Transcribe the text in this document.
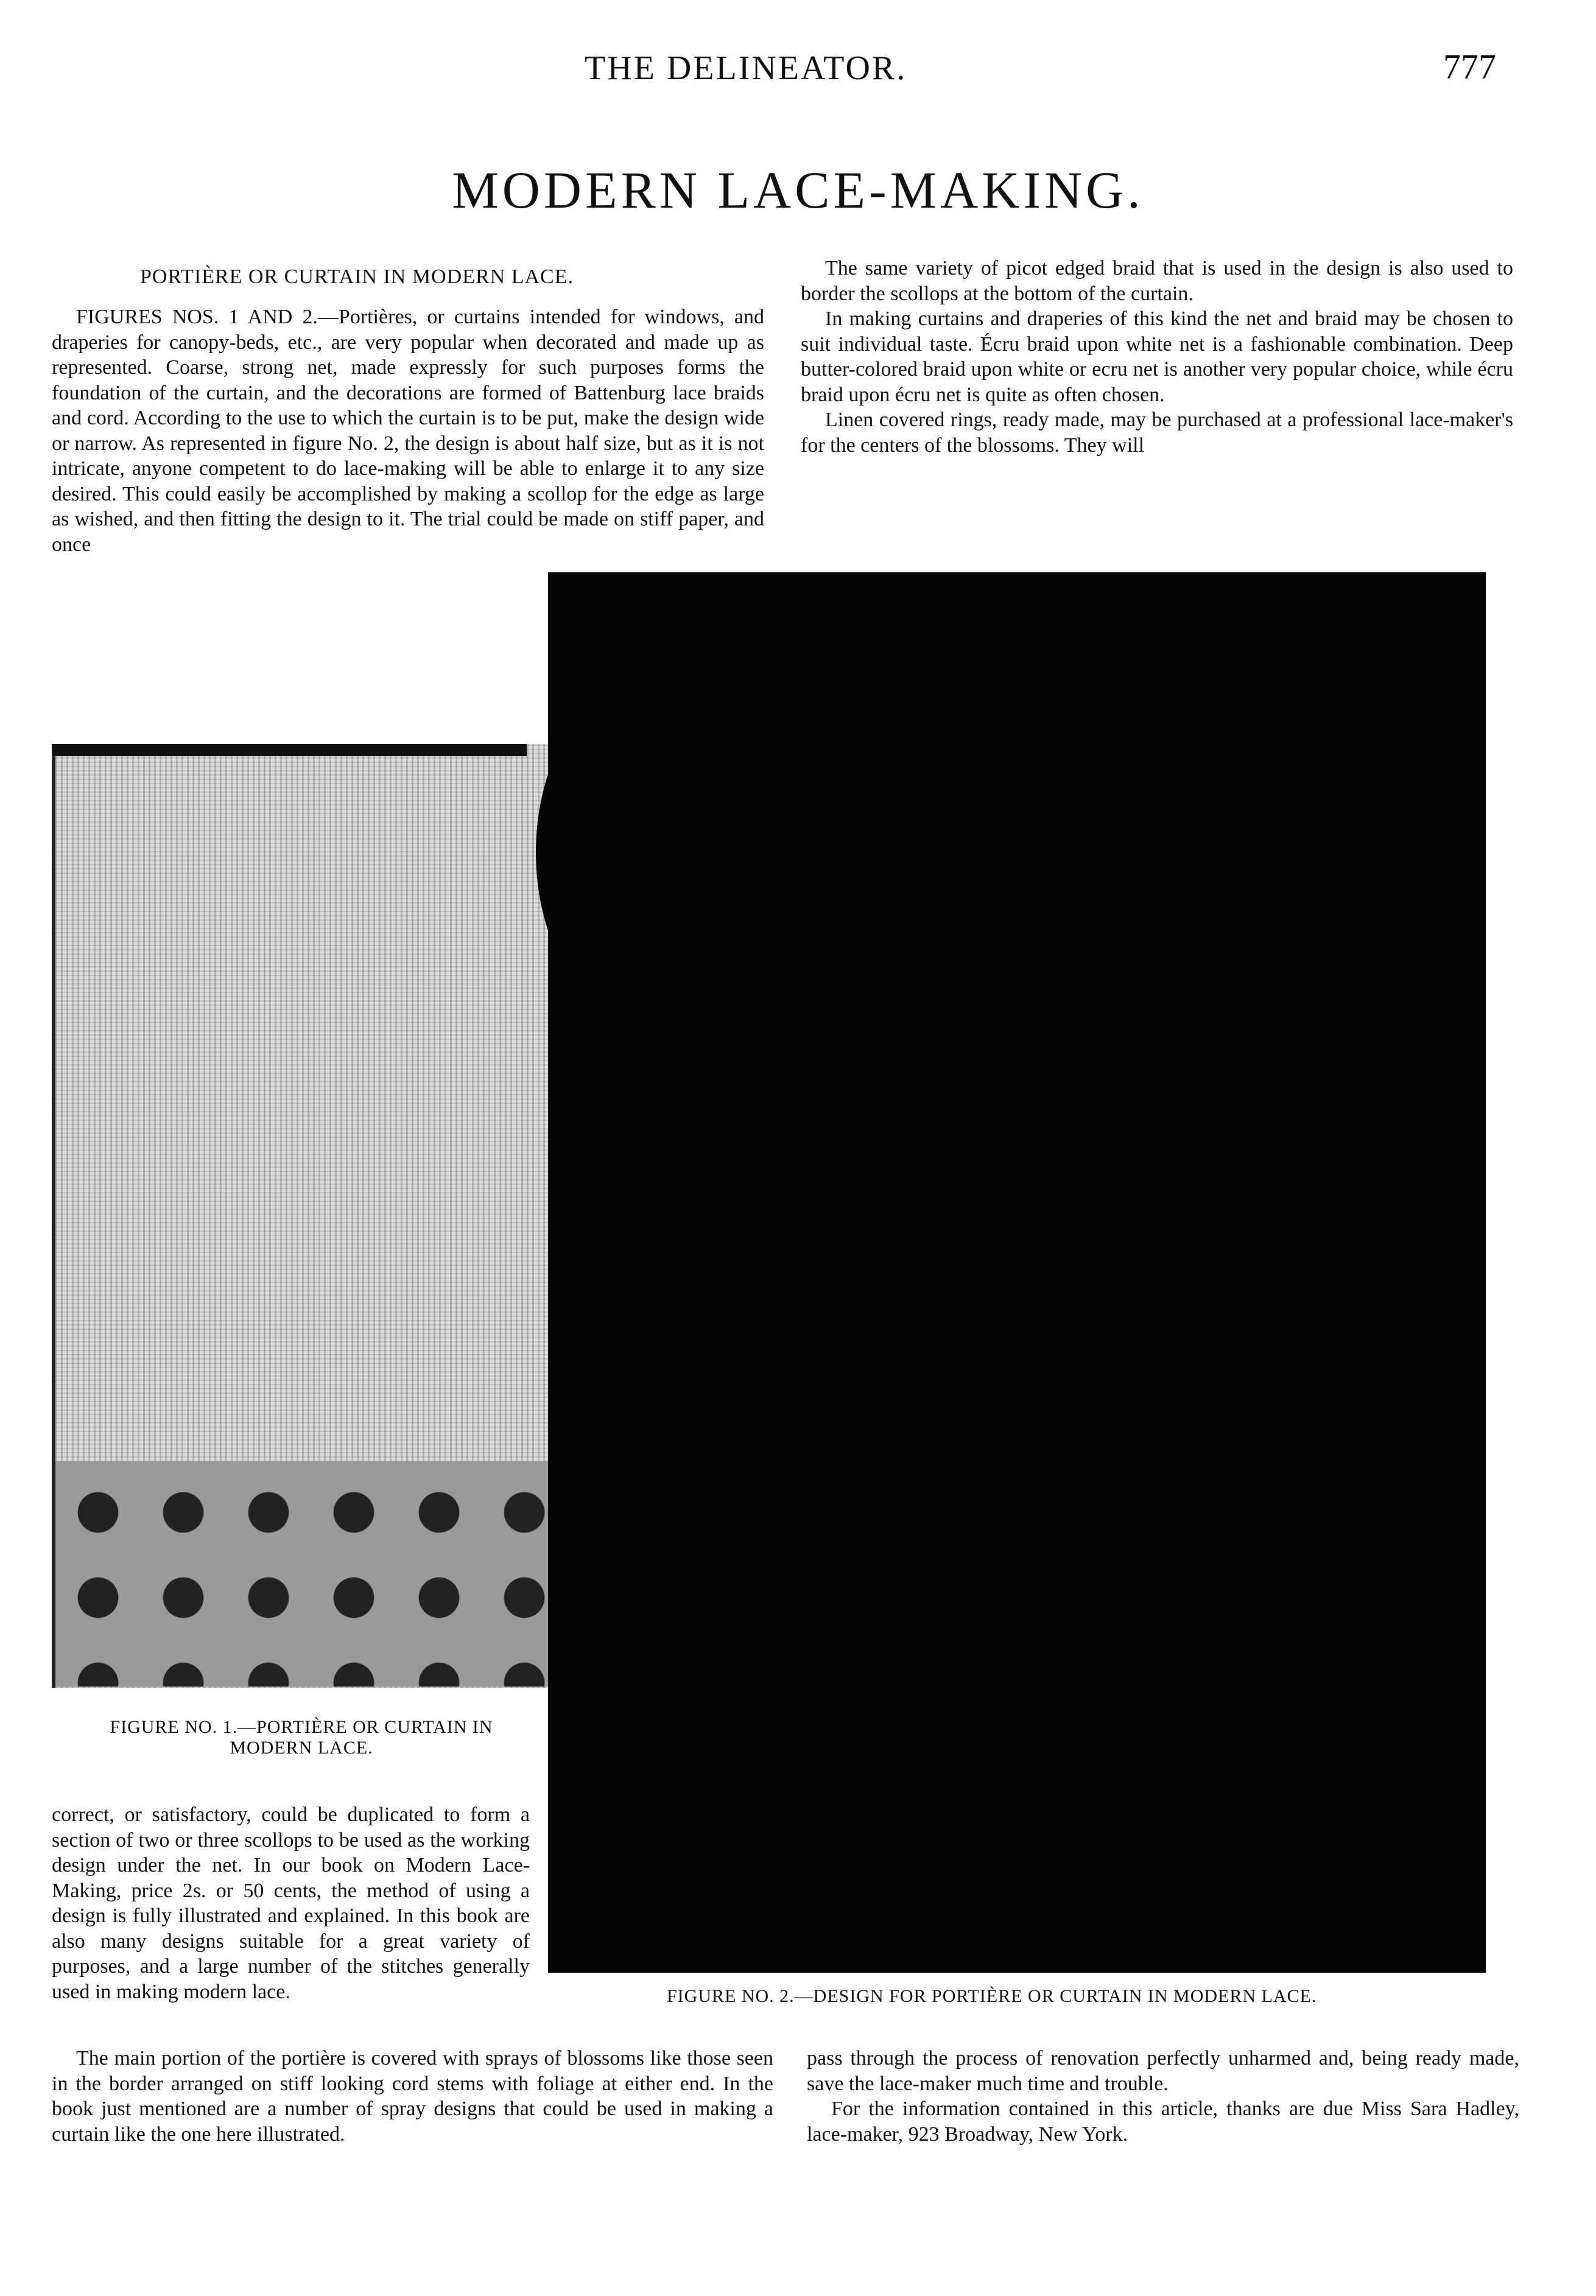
THE DELINEATOR.	777
MODERN LACE-MAKING.
PORTIÈRE OR CURTAIN IN MODERN LACE.

FIGURES NOS. 1 AND 2.—Portières, or curtains intended for windows, and draperies for canopy-beds, etc., are very popular when decorated and made up as represented. Coarse, strong net, made expressly for such purposes forms the foundation of the curtain, and the decorations are formed of Battenburg lace braids and cord. According to the use to which the curtain is to be put, make the design wide or narrow. As represented in figure No. 2, the design is about half size, but as it is not intricate, anyone competent to do lace-making will be able to enlarge it to any size desired. This could easily be accomplished by making a scollop for the edge as large as wished, and then fitting the design to it. The trial could be made on stiff paper, and once

The same variety of picot edged braid that is used in the design is also used to border the scollops at the bottom of the curtain.

In making curtains and draperies of this kind the net and braid may be chosen to suit individual taste. Écru braid upon white net is a fashionable combination. Deep butter-colored braid upon white or ecru net is another very popular choice, while écru braid upon écru net is quite as often chosen.

Linen covered rings, ready made, may be purchased at a professional lace-maker's for the centers of the blossoms. They will

FIGURE NO. 1.—PORTIÈRE OR CURTAIN IN
MODERN LACE.
FIGURE NO. 2.—DESIGN FOR PORTIÈRE OR CURTAIN IN MODERN LACE.

correct, or satisfactory, could be duplicated to form a section of two or three scollops to be used as the working design under the net. In our book on Modern Lace-Making, price 2s. or 50 cents, the method of using a design is fully illustrated and explained. In this book are also many designs suitable for a great variety of purposes, and a large number of the stitches generally used in making modern lace.

The main portion of the portière is covered with sprays of blossoms like those seen in the border arranged on stiff looking cord stems with foliage at either end. In the book just mentioned are a number of spray designs that could be used in making a curtain like the one here illustrated.

pass through the process of renovation perfectly unharmed and, being ready made, save the lace-maker much time and trouble.

For the information contained in this article, thanks are due Miss Sara Hadley, lace-maker, 923 Broadway, New York.
